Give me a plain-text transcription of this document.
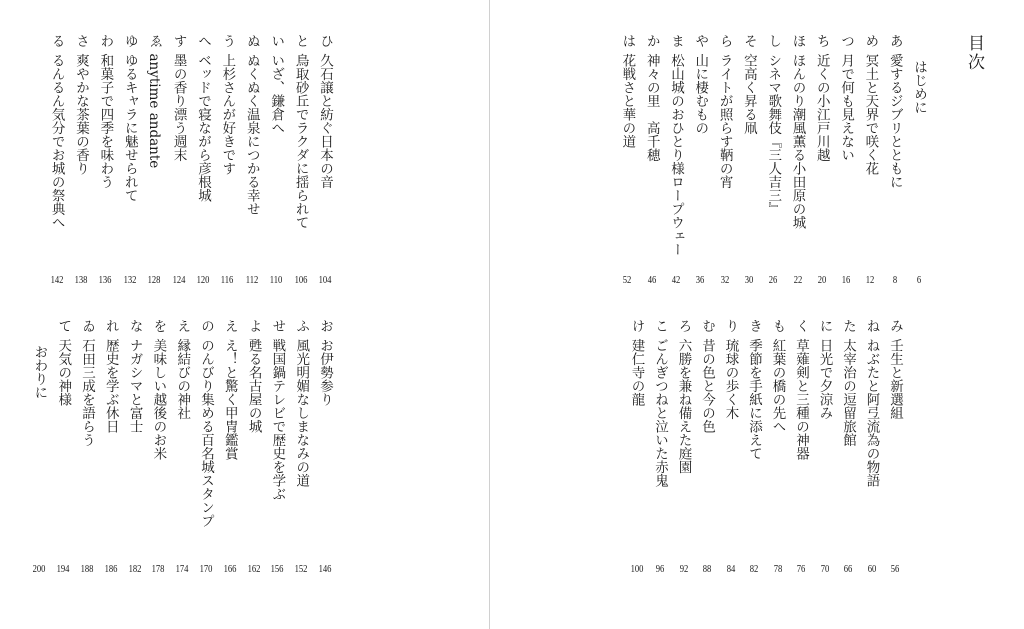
目次
はじめに
6
あ愛するジブリとともに
8
め冥土と天界で咲く花
12
つ月で何も見えない
16
ち近くの小江戸川越
20
ほほんのり潮風薫る小田原の城
22
しシネマ歌舞伎『三人吉三』
26
そ空高く昇る凧
30
らライトが照らす鞆の宵
32
や山に棲むもの
36
ま松山城のおひとり様ロープウェー
42
か神々の里　高千穂
46
は花戦さと華の道
52
み壬生と新選組
56
ねねぶたと阿弖流為の物語
60
た太宰治の逗留旅館
66
に日光で夕涼み
70
く草薙剣と三種の神器
76
も紅葉の橋の先へ
78
き季節を手紙に添えて
82
り琉球の歩く木
84
む昔の色と今の色
88
ろ六勝を兼ね備えた庭園
92
こごんぎつねと泣いた赤鬼
96
け建仁寺の龍
100
ひ久石譲と紡ぐ日本の音
104
と鳥取砂丘でラクダに揺られて
106
いいざ、鎌倉へ
110
ぬぬくぬく温泉につかる幸せ
112
う上杉さんが好きです
116
へベッドで寝ながら彦根城
120
す墨の香り漂う週末
124
ゑanytime andante
128
ゆゆるキャラに魅せられて
132
わ和菓子で四季を味わう
136
さ爽やかな茶葉の香り
138
るるんるん気分でお城の祭典へ
142
おお伊勢参り
146
ふ風光明媚なしまなみの道
152
せ戦国鍋テレビで歴史を学ぶ
156
よ甦る名古屋の城
162
ええ！と驚く甲冑鑑賞
166
ののんびり集める百名城スタンプ
170
え縁結びの神社
174
を美味しい越後のお米
178
なナガシマと富士
182
れ歴史を学ぶ休日
186
ゐ石田三成を語らう
188
て天気の神様
194
おわりに
200
